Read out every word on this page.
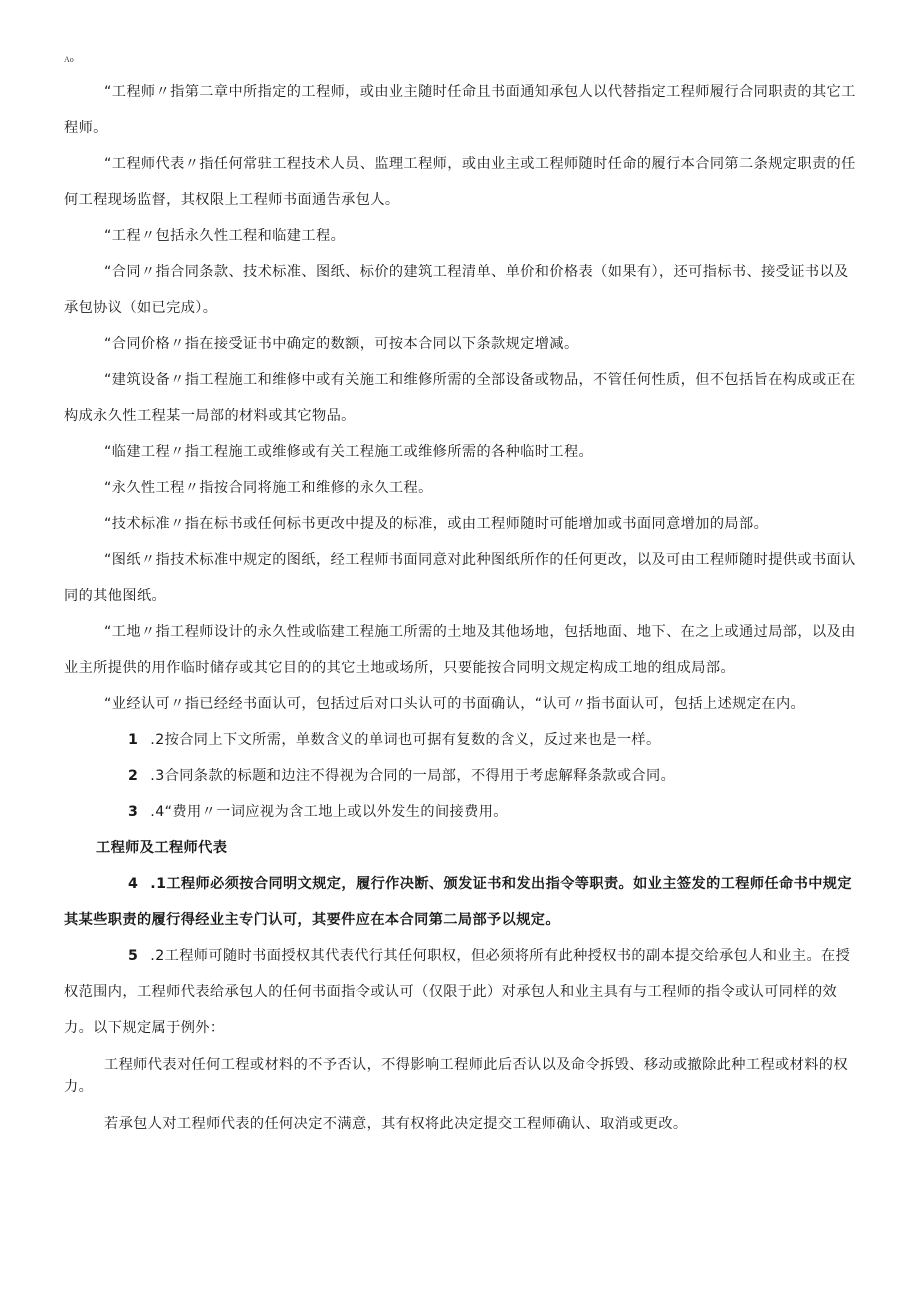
Ao

“工程师〃指第二章中所指定的工程师，或由业主随时任命且书面通知承包人以代替指定工程师履行合同职责的其它工程师。

“工程师代表〃指任何常驻工程技术人员、监理工程师，或由业主或工程师随时任命的履行本合同第二条规定职责的任何工程现场监督，其权限上工程师书面通告承包人。

“工程〃包括永久性工程和临建工程。

“合同〃指合同条款、技术标准、图纸、标价的建筑工程清单、单价和价格表（如果有），还可指标书、接受证书以及承包协议（如已完成）。

“合同价格〃指在接受证书中确定的数额，可按本合同以下条款规定增减。

“建筑设备〃指工程施工和维修中或有关施工和维修所需的全部设备或物品，不管任何性质，但不包括旨在构成或正在构成永久性工程某一局部的材料或其它物品。

“临建工程〃指工程施工或维修或有关工程施工或维修所需的各种临时工程。

“永久性工程〃指按合同将施工和维修的永久工程。

“技术标准〃指在标书或任何标书更改中提及的标准，或由工程师随时可能增加或书面同意增加的局部。

“图纸〃指技术标准中规定的图纸，经工程师书面同意对此种图纸所作的任何更改，以及可由工程师随时提供或书面认同的其他图纸。

“工地〃指工程师设计的永久性或临建工程施工所需的土地及其他场地，包括地面、地下、在之上或通过局部，以及由业主所提供的用作临时储存或其它目的的其它土地或场所，只要能按合同明文规定构成工地的组成局部。

“业经认可〃指已经经书面认可，包括过后对口头认可的书面确认，“认可〃指书面认可，包括上述规定在内。

1 .2按合同上下文所需，单数含义的单词也可据有复数的含义，反过来也是一样。

2 .3合同条款的标题和边注不得视为合同的一局部，不得用于考虑解释条款或合同。

3 .4“费用〃一词应视为含工地上或以外发生的间接费用。

工程师及工程师代表

4 .1工程师必须按合同明文规定，履行作决断、颁发证书和发出指令等职责。如业主签发的工程师任命书中规定其某些职责的履行得经业主专门认可，其要件应在本合同第二局部予以规定。

5 .2工程师可随时书面授权其代表代行其任何职权，但必须将所有此种授权书的副本提交给承包人和业主。在授权范围内，工程师代表给承包人的任何书面指令或认可（仅限于此）对承包人和业主具有与工程师的指令或认可同样的效力。以下规定属于例外：

工程师代表对任何工程或材料的不予否认，不得影响工程师此后否认以及命令拆毁、移动或撤除此种工程或材料的权力。

若承包人对工程师代表的任何决定不满意，其有权将此决定提交工程师确认、取消或更改。
